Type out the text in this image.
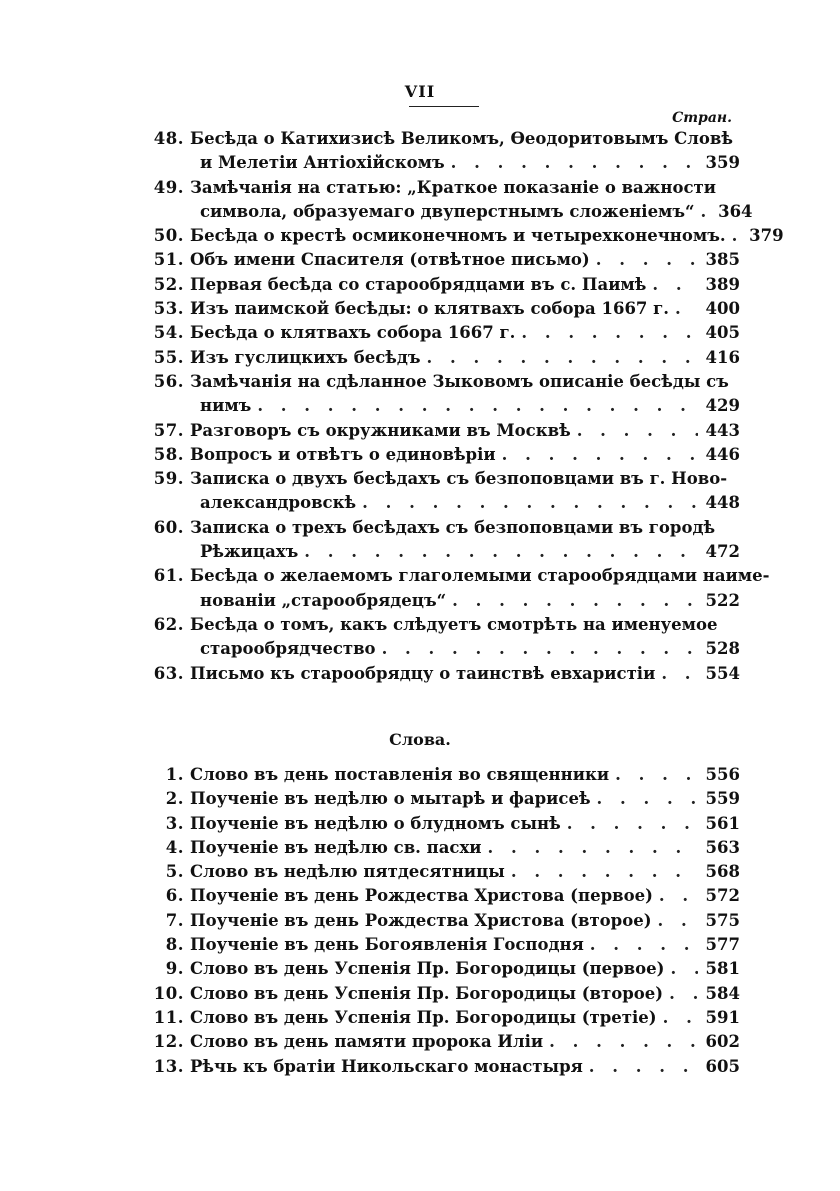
VII
Стран.
48. Бесѣда о Катихизисѣ Великомъ, Ѳеодоритовымъ Словѣ
и Мелетіи Антіохійскомъ . . .	359
49. Замѣчанія на статью: „Краткое показаніе о важности
символа, образуемаго двуперстнымъ сложеніемъ“ . . . 364
50. Бесѣда о крестѣ осмиконечномъ и четырехконечномъ. . . . 379
51. Объ имени Спасителя (отвѣтное письмо) . . .	385
52. Первая бесѣда со старообрядцами въ с. Паимѣ . . .	389
53. Изъ паимской бесѣды: о клятвахъ собора 1667 г. . . . 400
54. Бесѣда о клятвахъ собора 1667 г. . . .	405
55. Изъ гуслицкихъ бесѣдъ . . .	416
56. Замѣчанія на сдѣланное Зыковомъ описаніе бесѣды съ
нимъ . . .	429
57. Разговоръ съ окружниками въ Москвѣ . . .	443
58. Вопросъ и отвѣтъ о единовѣріи . . .	446
59. Записка о двухъ бесѣдахъ съ безпоповцами въ г. Ново-
александровскѣ . . .	448
60. Записка о трехъ бесѣдахъ съ безпоповцами въ городѣ
Рѣжицахъ . . .	472
61. Бесѣда о желаемомъ глаголемыми старообрядцами наиме-
нованіи „старообрядецъ“ . . .	522
62. Бесѣда о томъ, какъ слѣдуетъ смотрѣть на именуемое
старообрядчество . . .	528
63. Письмо къ старообрядцу о таинствѣ евхаристіи . . .	554
Слова.
1. Слово въ день поставленія во священники . . .	556
2. Поученіе въ недѣлю о мытарѣ и фарисеѣ . . .	559
3. Поученіе въ недѣлю о блудномъ сынѣ . . .	561
4. Поученіе въ недѣлю св. пасхи . . .	563
5. Слово въ недѣлю пятдесятницы . . .	568
6. Поученіе въ день Рождества Христова (первое) . . .	572
7. Поученіе въ день Рождества Христова (второе) . . .	575
8. Поученіе въ день Богоявленія Господня . . .	577
9. Слово въ день Успенія Пр. Богородицы (первое) . . . 581
10. Слово въ день Успенія Пр. Богородицы (второе) . . .	584
11. Слово въ день Успенія Пр. Богородицы (третіе) . . .	591
12. Слово въ день памяти пророка Иліи . . .	602
13. Рѣчь къ братіи Никольскаго монастыря . . .	605
